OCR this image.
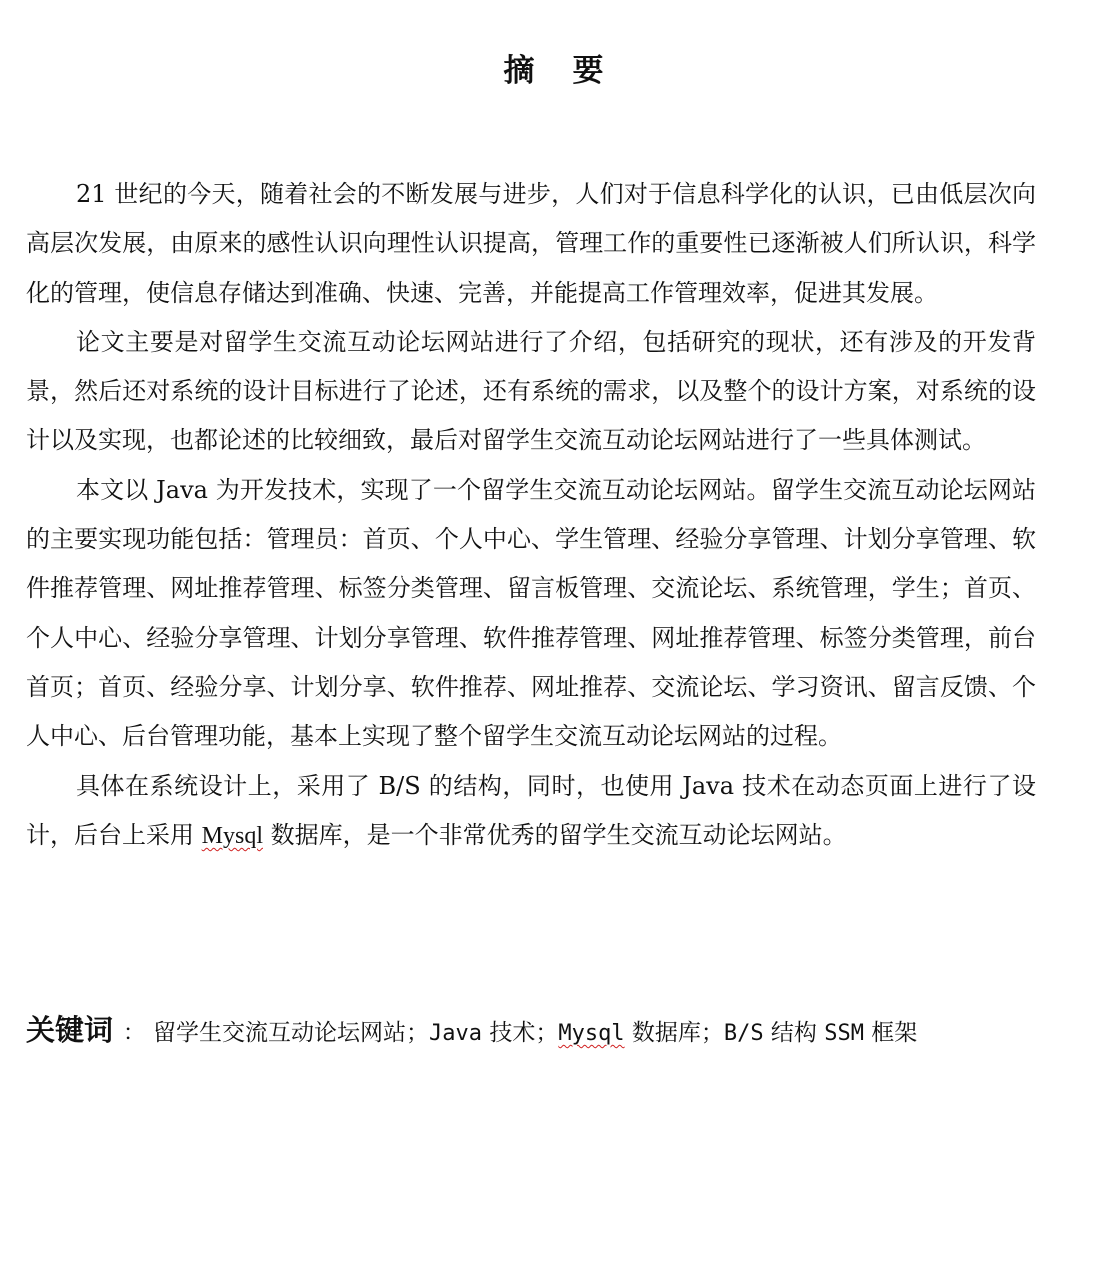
摘 要

21 世纪的今天，随着社会的不断发展与进步，人们对于信息科学化的认识，已由低层次向高层次发展，由原来的感性认识向理性认识提高，管理工作的重要性已逐渐被人们所认识，科学化的管理，使信息存储达到准确、快速、完善，并能提高工作管理效率，促进其发展。

论文主要是对留学生交流互动论坛网站进行了介绍，包括研究的现状，还有涉及的开发背景，然后还对系统的设计目标进行了论述，还有系统的需求，以及整个的设计方案，对系统的设计以及实现，也都论述的比较细致，最后对留学生交流互动论坛网站进行了一些具体测试。

本文以 Java 为开发技术，实现了一个留学生交流互动论坛网站。留学生交流互动论坛网站的主要实现功能包括：管理员：首页、个人中心、学生管理、经验分享管理、计划分享管理、软件推荐管理、网址推荐管理、标签分类管理、留言板管理、交流论坛、系统管理，学生；首页、个人中心、经验分享管理、计划分享管理、软件推荐管理、网址推荐管理、标签分类管理，前台首页；首页、经验分享、计划分享、软件推荐、网址推荐、交流论坛、学习资讯、留言反馈、个人中心、后台管理功能，基本上实现了整个留学生交流互动论坛网站的过程。

具体在系统设计上，采用了 B/S 的结构，同时，也使用 Java 技术在动态页面上进行了设计，后台上采用 Mysql 数据库，是一个非常优秀的留学生交流互动论坛网站。

关键词 ： 留学生交流互动论坛网站；Java 技术；Mysql 数据库；B/S 结构 SSM 框架
